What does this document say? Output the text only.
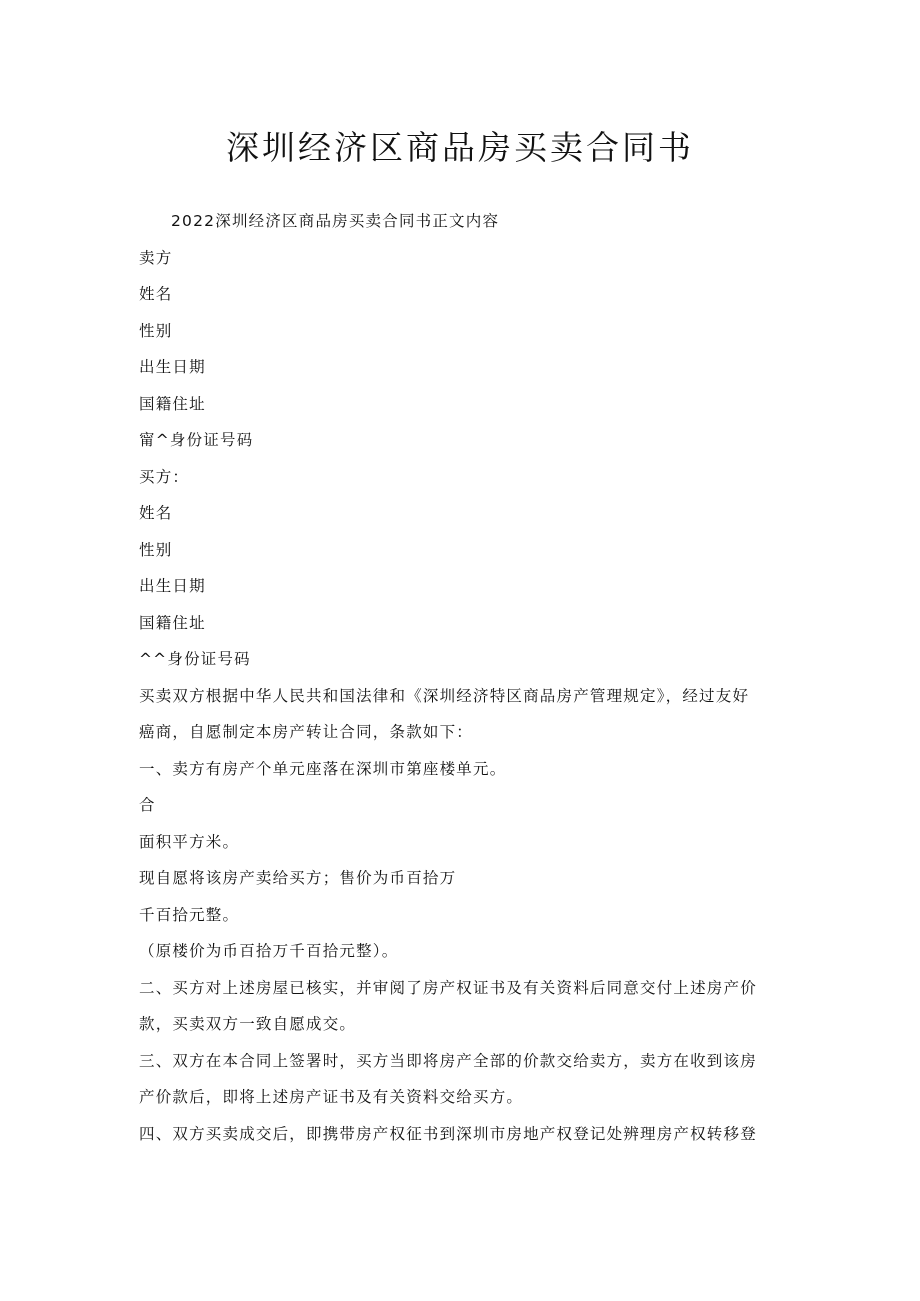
深圳经济区商品房买卖合同书
2022深圳经济区商品房买卖合同书正文内容
卖方
姓名
性别
出生日期
国籍住址
甯^身份证号码
买方：
姓名
性别
出生日期
国籍住址
^^身份证号码
买卖双方根据中华人民共和国法律和《深圳经济特区商品房产管理规定》，经过友好
癌商，自愿制定本房产转让合同，条款如下：
一、卖方有房产个单元座落在深圳市第座楼单元。
合
面积平方米。
现自愿将该房产卖给买方；售价为币百拾万
千百拾元整。
（原楼价为币百拾万千百拾元整）。
二、买方对上述房屋已核实，并审阅了房产权证书及有关资料后同意交付上述房产价
款，买卖双方一致自愿成交。
三、双方在本合同上签署时，买方当即将房产全部的价款交给卖方，卖方在收到该房
产价款后，即将上述房产证书及有关资料交给买方。
四、双方买卖成交后，即携带房产权征书到深圳市房地产权登记处辨理房产权转移登
